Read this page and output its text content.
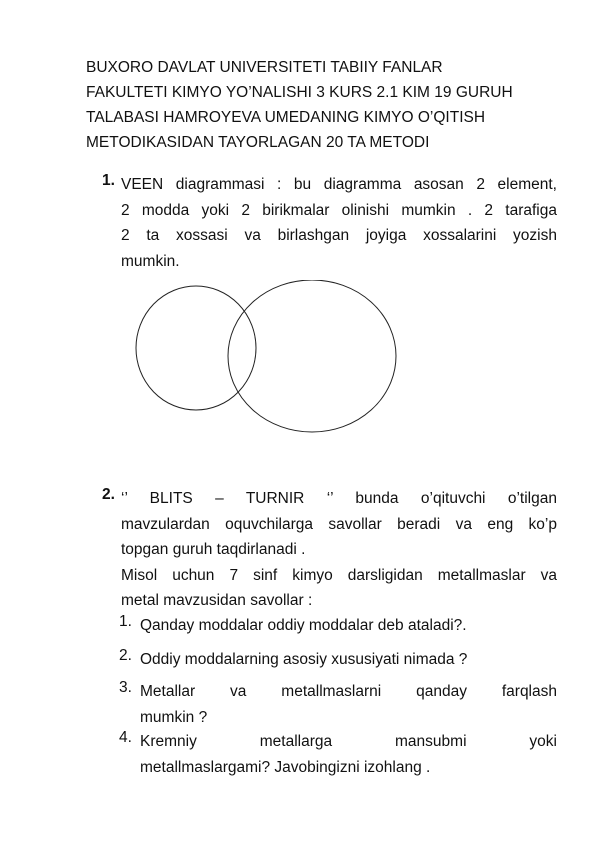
BUXORO DAVLAT UNIVERSITETI TABIIY FANLAR
FAKULTETI KIMYO YO’NALISHI 3 KURS 2.1 KIM 19 GURUH
TALABASI HAMROYEVA UMEDANING KIMYO O’QITISH
METODIKASIDAN TAYORLAGAN 20 TA METODI
1. VEEN diagrammasi : bu diagramma asosan 2 element,
2 modda yoki 2 birikmalar olinishi mumkin . 2 tarafiga
2 ta xossasi va birlashgan joyiga xossalarini yozish
mumkin.
2. ‘’ BLITS – TURNIR ‘’ bunda o’qituvchi o’tilgan
mavzulardan oquvchilarga savollar beradi va eng ko’p
topgan guruh taqdirlanadi .
Misol uchun 7 sinf kimyo darsligidan metallmaslar va
metal mavzusidan savollar :
1. Qanday moddalar oddiy moddalar deb ataladi?.
2. Oddiy moddalarning asosiy xususiyati nimada ?
3. Metallar va metallmaslarni qanday farqlash
mumkin ?
4. Kremniy metallarga mansubmi yoki
metallmaslargami? Javobingizni izohlang .
